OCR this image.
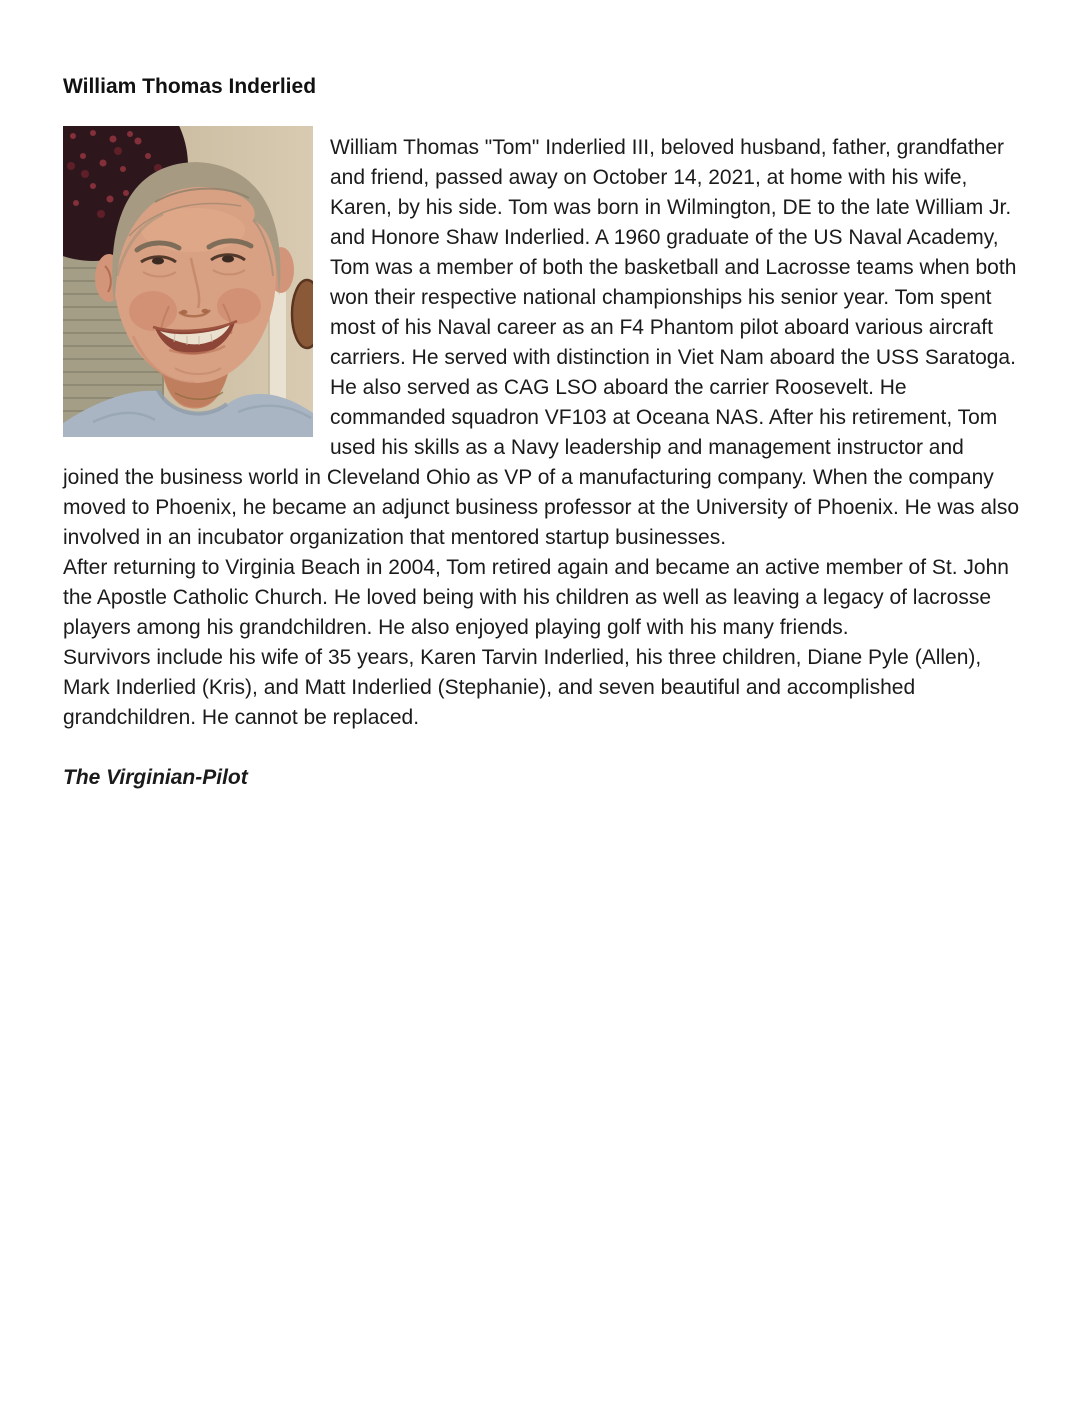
William Thomas Inderlied

William Thomas "Tom" Inderlied III, beloved husband, father, grandfather and friend, passed away on October 14, 2021, at home with his wife, Karen, by his side. Tom was born in Wilmington, DE to the late William Jr. and Honore Shaw Inderlied. A 1960 graduate of the US Naval Academy, Tom was a member of both the basketball and Lacrosse teams when both won their respective national championships his senior year. Tom spent most of his Naval career as an F4 Phantom pilot aboard various aircraft carriers. He served with distinction in Viet Nam aboard the USS Saratoga. He also served as CAG LSO aboard the carrier Roosevelt. He commanded squadron VF103 at Oceana NAS. After his retirement, Tom used his skills as a Navy leadership and management instructor and joined the business world in Cleveland Ohio as VP of a manufacturing company. When the company moved to Phoenix, he became an adjunct business professor at the University of Phoenix. He was also involved in an incubator organization that mentored startup businesses.

After returning to Virginia Beach in 2004, Tom retired again and became an active member of St. John the Apostle Catholic Church. He loved being with his children as well as leaving a legacy of lacrosse players among his grandchildren. He also enjoyed playing golf with his many friends.

Survivors include his wife of 35 years, Karen Tarvin Inderlied, his three children, Diane Pyle (Allen), Mark Inderlied (Kris), and Matt Inderlied (Stephanie), and seven beautiful and accomplished grandchildren. He cannot be replaced.

The Virginian-Pilot
